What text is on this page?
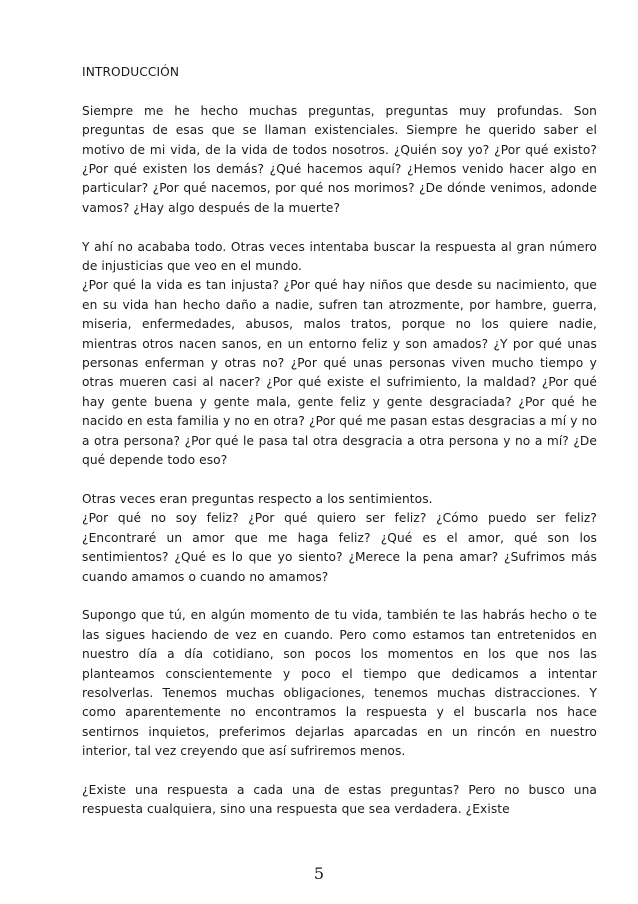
INTRODUCCIÓN

Siempre me he hecho muchas preguntas, preguntas muy profundas. Son preguntas de esas que se llaman existenciales. Siempre he querido saber el motivo de mi vida, de la vida de todos nosotros. ¿Quién soy yo? ¿Por qué existo? ¿Por qué existen los demás? ¿Qué hacemos aquí? ¿Hemos venido hacer algo en particular? ¿Por qué nacemos, por qué nos morimos? ¿De dónde venimos, adonde vamos? ¿Hay algo después de la muerte?

Y ahí no acababa todo. Otras veces intentaba buscar la respuesta al gran número de injusticias que veo en el mundo.

¿Por qué la vida es tan injusta? ¿Por qué hay niños que desde su nacimiento, que en su vida han hecho daño a nadie, sufren tan atrozmente, por hambre, guerra, miseria, enfermedades, abusos, malos tratos, porque no los quiere nadie, mientras otros nacen sanos, en un entorno feliz y son amados? ¿Y por qué unas personas enferman y otras no? ¿Por qué unas personas viven mucho tiempo y otras mueren casi al nacer? ¿Por qué existe el sufrimiento, la maldad? ¿Por qué hay gente buena y gente mala, gente feliz y gente desgraciada? ¿Por qué he nacido en esta familia y no en otra? ¿Por qué me pasan estas desgracias a mí y no a otra persona? ¿Por qué le pasa tal otra desgracia a otra persona y no a mí? ¿De qué depende todo eso?

Otras veces eran preguntas respecto a los sentimientos.

¿Por qué no soy feliz? ¿Por qué quiero ser feliz? ¿Cómo puedo ser feliz? ¿Encontraré un amor que me haga feliz? ¿Qué es el amor, qué son los sentimientos? ¿Qué es lo que yo siento? ¿Merece la pena amar? ¿Sufrimos más cuando amamos o cuando no amamos?

Supongo que tú, en algún momento de tu vida, también te las habrás hecho o te las sigues haciendo de vez en cuando. Pero como estamos tan entretenidos en nuestro día a día cotidiano, son pocos los momentos en los que nos las planteamos conscientemente y poco el tiempo que dedicamos a intentar resolverlas. Tenemos muchas obligaciones, tenemos muchas distracciones. Y como aparentemente no encontramos la respuesta y el buscarla nos hace sentirnos inquietos, preferimos dejarlas aparcadas en un rincón en nuestro interior, tal vez creyendo que así sufriremos menos.

¿Existe una respuesta a cada una de estas preguntas? Pero no busco una respuesta cualquiera, sino una respuesta que sea verdadera. ¿Existe

5
